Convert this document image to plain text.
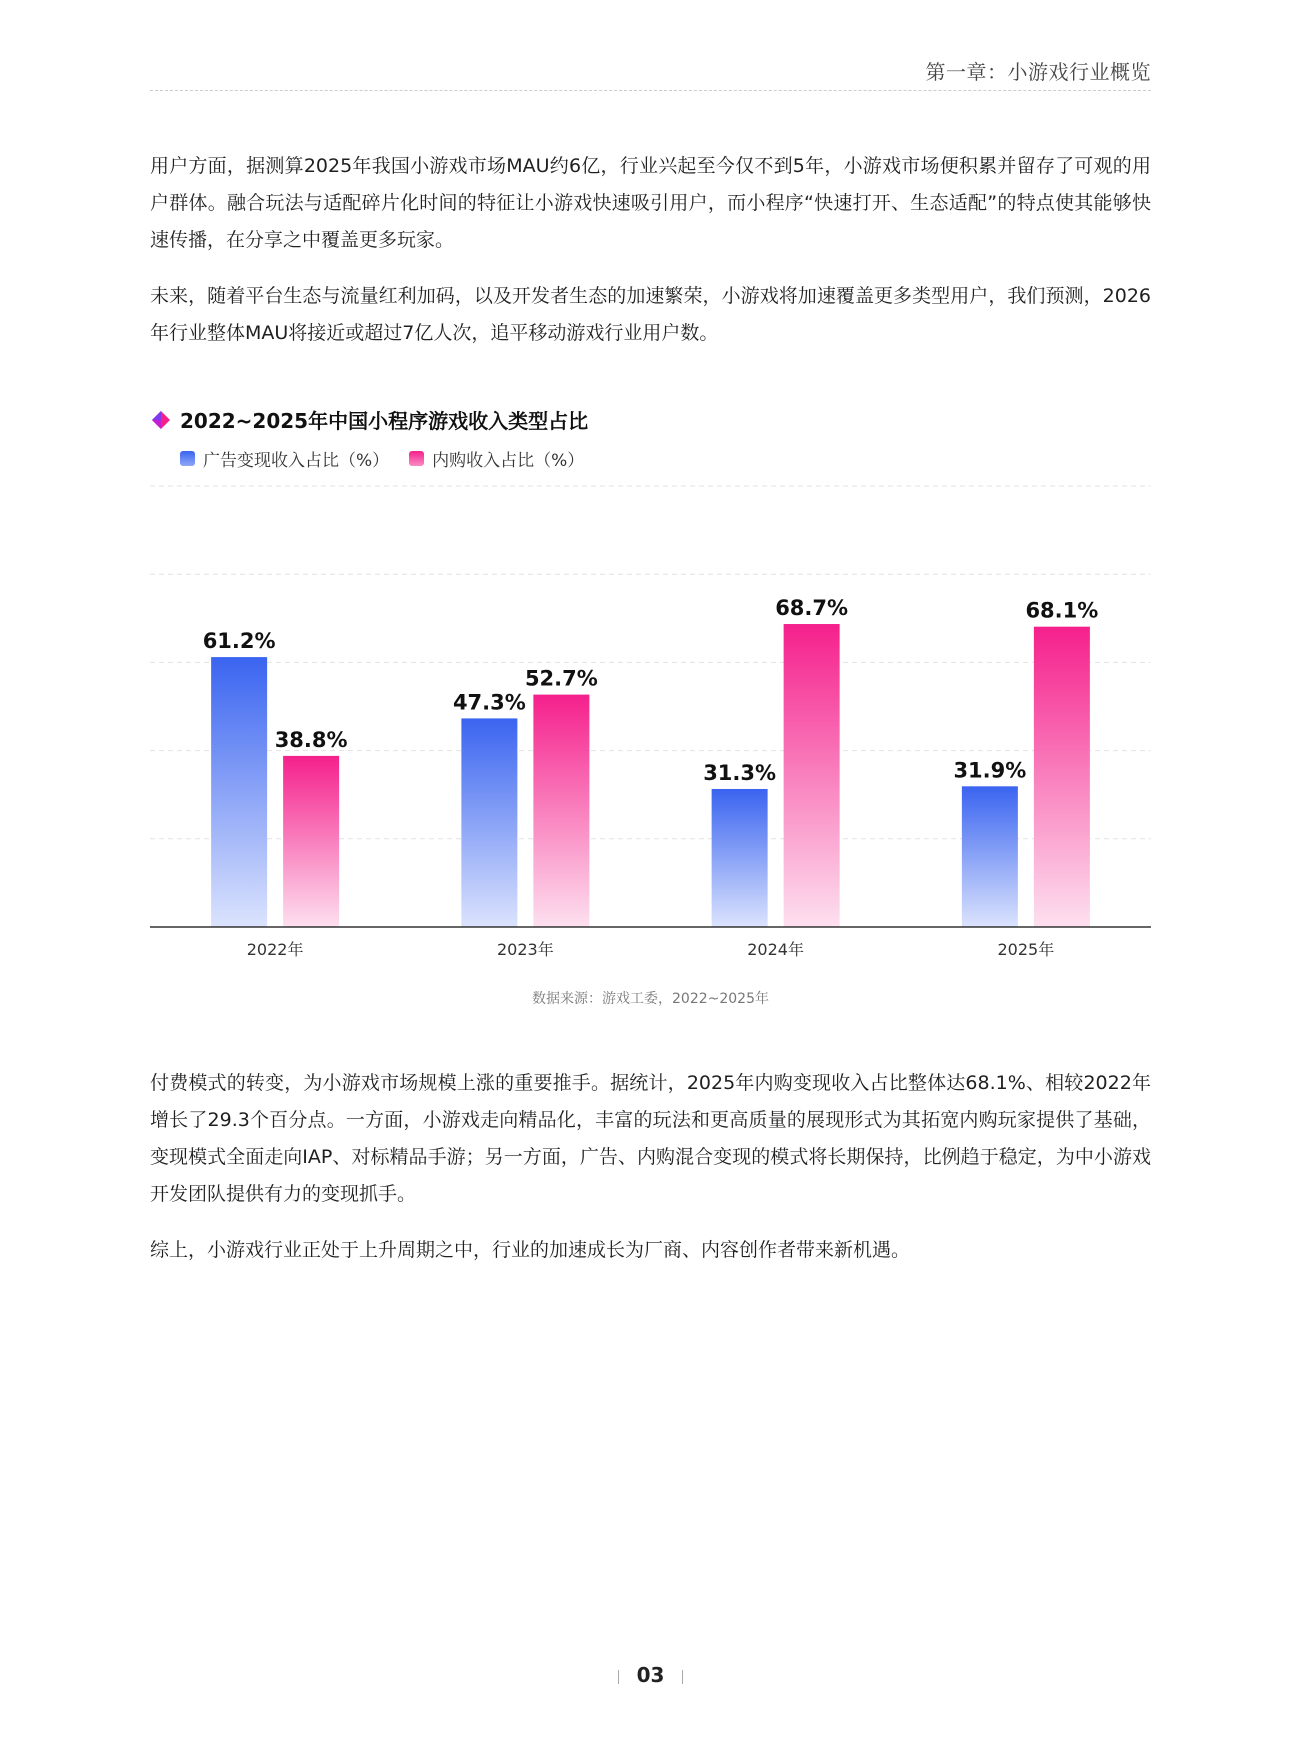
第一章：小游戏行业概览

用户方面，据测算2025年我国小游戏市场MAU约6亿，行业兴起至今仅不到5年，小游戏市场便积累并留存了可观的用户群体。融合玩法与适配碎片化时间的特征让小游戏快速吸引用户，而小程序“快速打开、生态适配”的特点使其能够快速传播，在分享之中覆盖更多玩家。

未来，随着平台生态与流量红利加码，以及开发者生态的加速繁荣，小游戏将加速覆盖更多类型用户，我们预测，2026年行业整体MAU将接近或超过7亿人次，追平移动游戏行业用户数。

2022~2025年中国小程序游戏收入类型占比
广告变现收入占比（%）	内购收入占比（%）
61.2%
38.8%
47.3%
52.7%
31.3%
68.7%
31.9%
68.1%
2022年	2023年	2024年	2025年
数据来源：游戏工委，2022~2025年

付费模式的转变，为小游戏市场规模上涨的重要推手。据统计，2025年内购变现收入占比整体达68.1%、相较2022年增长了29.3个百分点。一方面，小游戏走向精品化，丰富的玩法和更高质量的展现形式为其拓宽内购玩家提供了基础，变现模式全面走向IAP、对标精品手游；另一方面，广告、内购混合变现的模式将长期保持，比例趋于稳定，为中小游戏开发团队提供有力的变现抓手。

综上，小游戏行业正处于上升周期之中，行业的加速成长为厂商、内容创作者带来新机遇。

03
